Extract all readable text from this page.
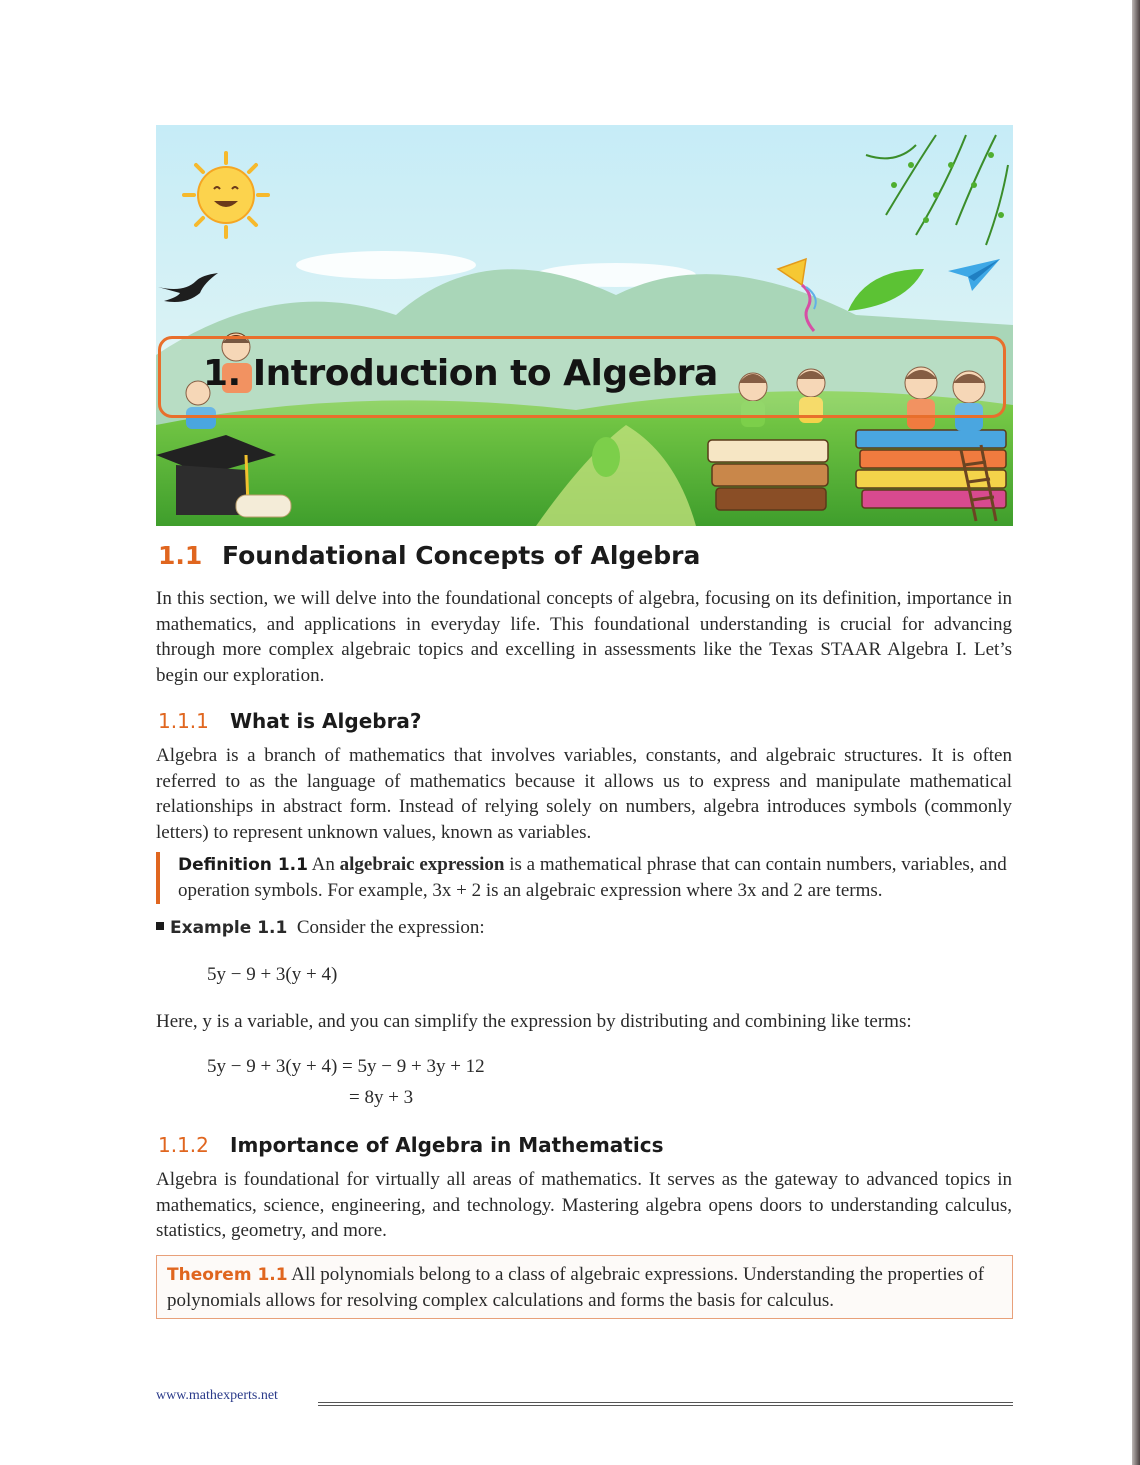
1. Introduction to Algebra
1.1 Foundational Concepts of Algebra
In this section, we will delve into the foundational concepts of algebra, focusing on its definition, importance in mathematics, and applications in everyday life. This foundational understanding is crucial for advancing through more complex algebraic topics and excelling in assessments like the Texas STAAR Algebra I. Let’s begin our exploration.
1.1.1 What is Algebra?
Algebra is a branch of mathematics that involves variables, constants, and algebraic structures. It is often referred to as the language of mathematics because it allows us to express and manipulate mathematical relationships in abstract form. Instead of relying solely on numbers, algebra introduces symbols (commonly letters) to represent unknown values, known as variables.
Definition 1.1 An algebraic expression is a mathematical phrase that can contain numbers, variables, and operation symbols. For example, 3x + 2 is an algebraic expression where 3x and 2 are terms.
Example 1.1 Consider the expression:
5y − 9 + 3(y + 4)
Here, y is a variable, and you can simplify the expression by distributing and combining like terms:
5y − 9 + 3(y + 4) = 5y − 9 + 3y + 12
= 8y + 3
1.1.2 Importance of Algebra in Mathematics
Algebra is foundational for virtually all areas of mathematics. It serves as the gateway to advanced topics in mathematics, science, engineering, and technology. Mastering algebra opens doors to understanding calculus, statistics, geometry, and more.
Theorem 1.1 All polynomials belong to a class of algebraic expressions. Understanding the properties of polynomials allows for resolving complex calculations and forms the basis for calculus.
www.mathexperts.net
